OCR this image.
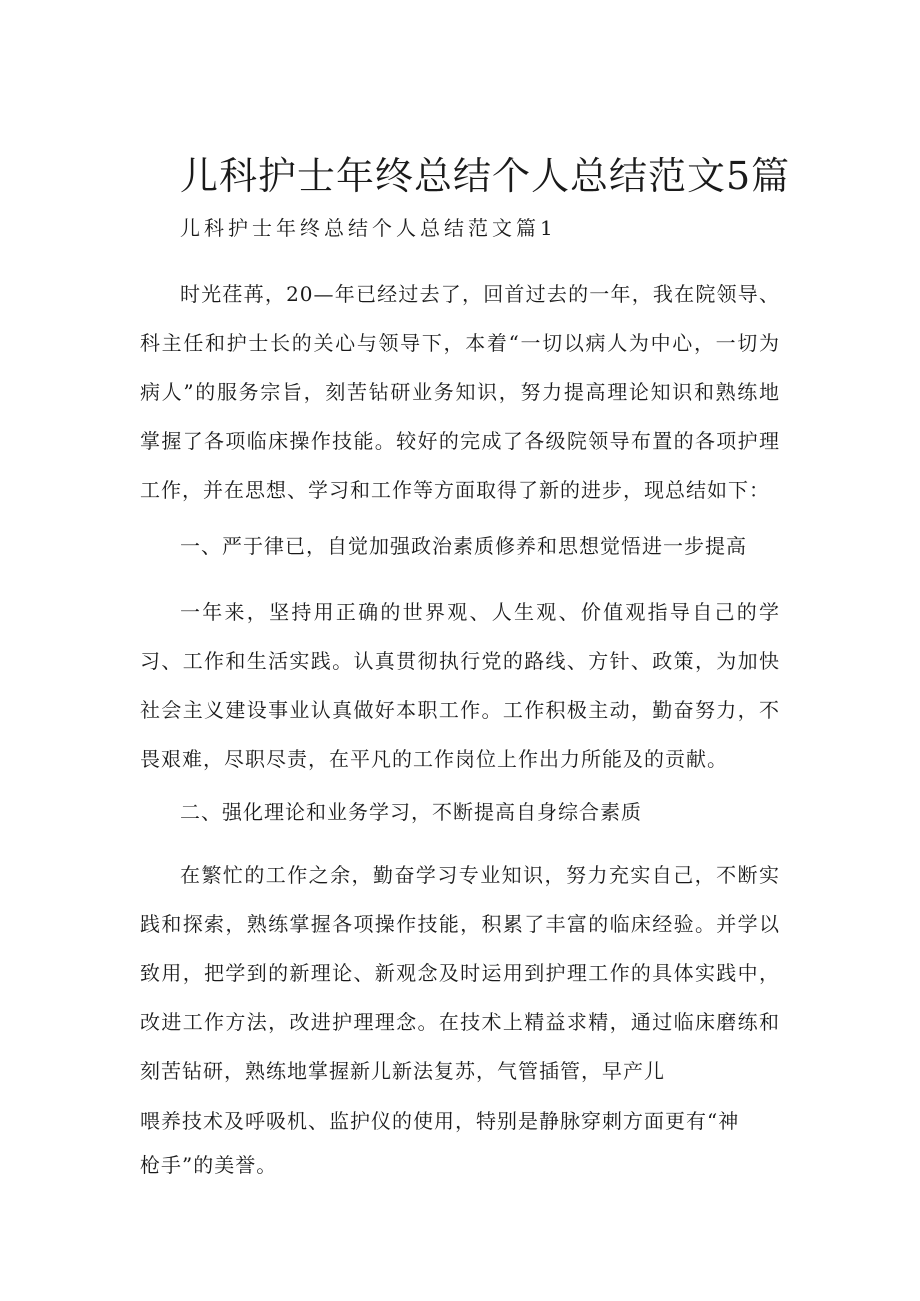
儿科护士年终总结个人总结范文5篇
儿科护士年终总结个人总结范文篇1

时光荏苒，20—年已经过去了，回首过去的一年，我在院领导、科主任和护士长的关心与领导下，本着“一切以病人为中心，一切为病人”的服务宗旨，刻苦钻研业务知识，努力提高理论知识和熟练地掌握了各项临床操作技能。较好的完成了各级院领导布置的各项护理工作，并在思想、学习和工作等方面取得了新的进步，现总结如下：

一、严于律已，自觉加强政治素质修养和思想觉悟进一步提高

一年来，坚持用正确的世界观、人生观、价值观指导自己的学习、工作和生活实践。认真贯彻执行党的路线、方针、政策，为加快社会主义建设事业认真做好本职工作。工作积极主动，勤奋努力，不畏艰难，尽职尽责，在平凡的工作岗位上作出力所能及的贡献。

二、强化理论和业务学习，不断提高自身综合素质

在繁忙的工作之余，勤奋学习专业知识，努力充实自己，不断实践和探索，熟练掌握各项操作技能，积累了丰富的临床经验。并学以致用，把学到的新理论、新观念及时运用到护理工作的具体实践中，改进工作方法，改进护理理念。在技术上精益求精，通过临床磨练和刻苦钻研，熟练地掌握新儿新法复苏，气管插管，早产儿

喂养技术及呼吸机、监护仪的使用，特别是静脉穿刺方面更有“神

枪手”的美誉。
